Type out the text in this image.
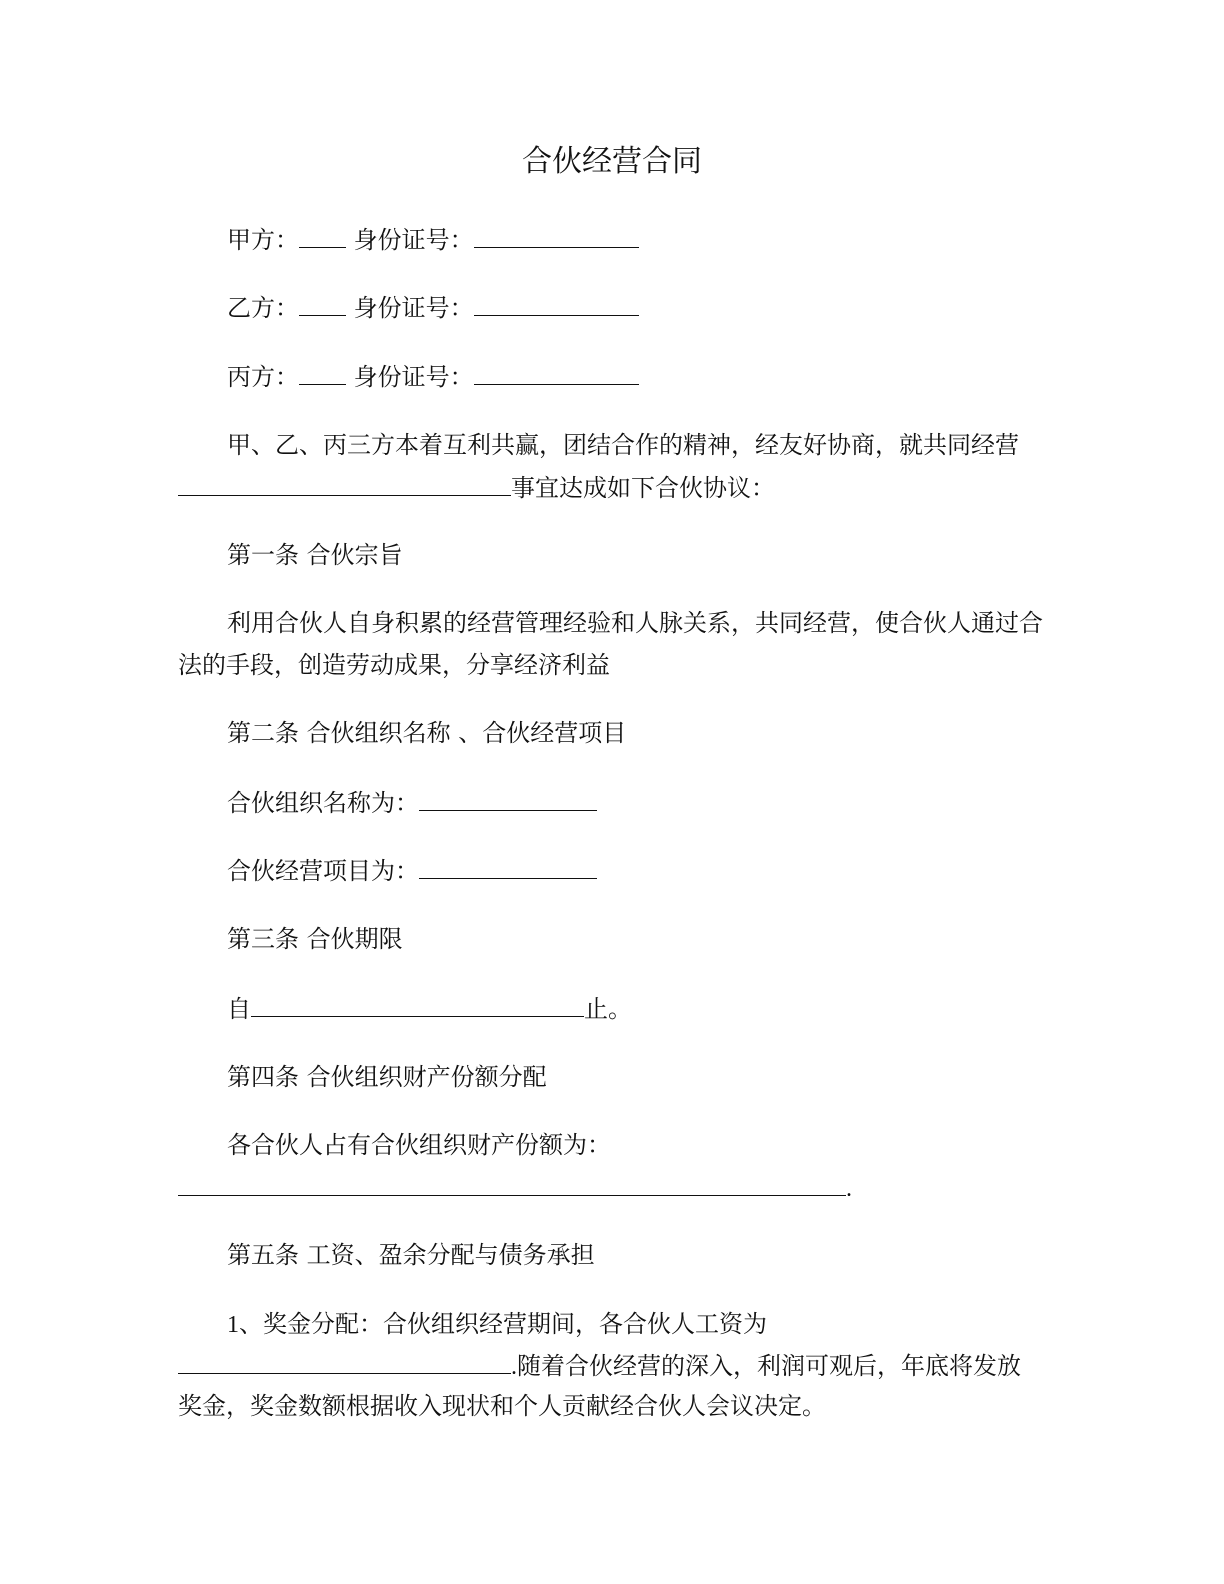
合伙经营合同
甲方： 身份证号：
乙方： 身份证号：
丙方： 身份证号：
甲、乙、丙三方本着互利共赢，团结合作的精神，经友好协商，就共同经营
事宜达成如下合伙协议：
第一条 合伙宗旨
利用合伙人自身积累的经营管理经验和人脉关系，共同经营，使合伙人通过合
法的手段，创造劳动成果，分享经济利益
第二条 合伙组织名称 、合伙经营项目
合伙组织名称为：
合伙经营项目为：
第三条 合伙期限
自	止。
第四条 合伙组织财产份额分配
各合伙人占有合伙组织财产份额为：
.
第五条 工资、盈余分配与债务承担
1、奖金分配：合伙组织经营期间，各合伙人工资为
.随着合伙经营的深入，利润可观后，年底将发放
奖金，奖金数额根据收入现状和个人贡献经合伙人会议决定。
